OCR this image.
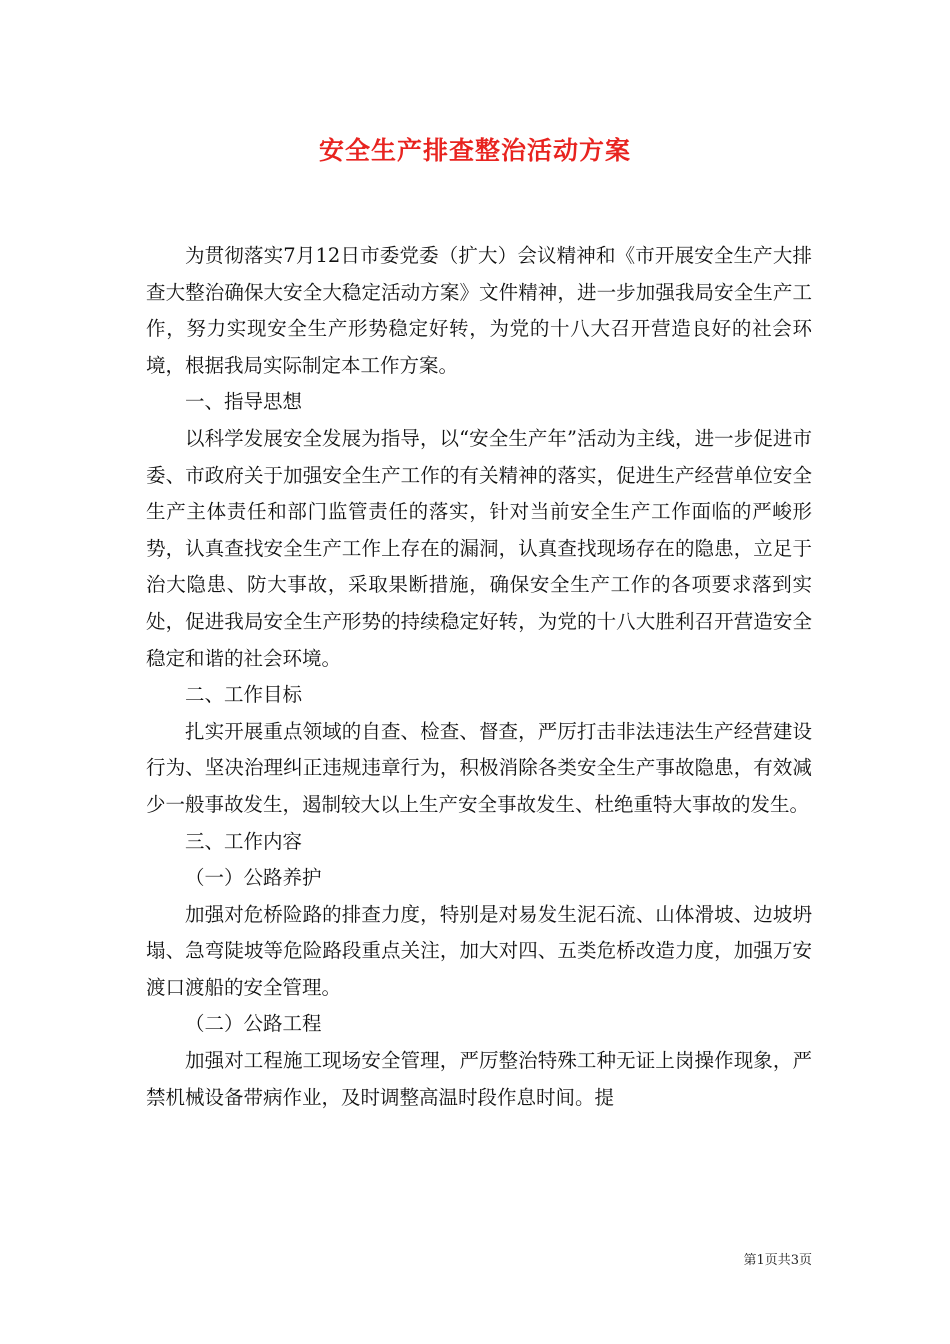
安全生产排查整治活动方案

为贯彻落实7月12日市委党委（扩大）会议精神和《市开展安全生产大排查大整治确保大安全大稳定活动方案》文件精神，进一步加强我局安全生产工作，努力实现安全生产形势稳定好转，为党的十八大召开营造良好的社会环境，根据我局实际制定本工作方案。

一、指导思想

以科学发展安全发展为指导，以“安全生产年”活动为主线，进一步促进市委、市政府关于加强安全生产工作的有关精神的落实，促进生产经营单位安全生产主体责任和部门监管责任的落实，针对当前安全生产工作面临的严峻形势，认真查找安全生产工作上存在的漏洞，认真查找现场存在的隐患，立足于治大隐患、防大事故，采取果断措施，确保安全生产工作的各项要求落到实处，促进我局安全生产形势的持续稳定好转，为党的十八大胜利召开营造安全稳定和谐的社会环境。

二、工作目标

扎实开展重点领域的自查、检查、督查，严厉打击非法违法生产经营建设行为、坚决治理纠正违规违章行为，积极消除各类安全生产事故隐患，有效减少一般事故发生，遏制较大以上生产安全事故发生、杜绝重特大事故的发生。

三、工作内容

（一）公路养护

加强对危桥险路的排查力度，特别是对易发生泥石流、山体滑坡、边坡坍塌、急弯陡坡等危险路段重点关注，加大对四、五类危桥改造力度，加强万安渡口渡船的安全管理。

（二）公路工程

加强对工程施工现场安全管理，严厉整治特殊工种无证上岗操作现象，严禁机械设备带病作业，及时调整高温时段作息时间。提

第1页共3页
